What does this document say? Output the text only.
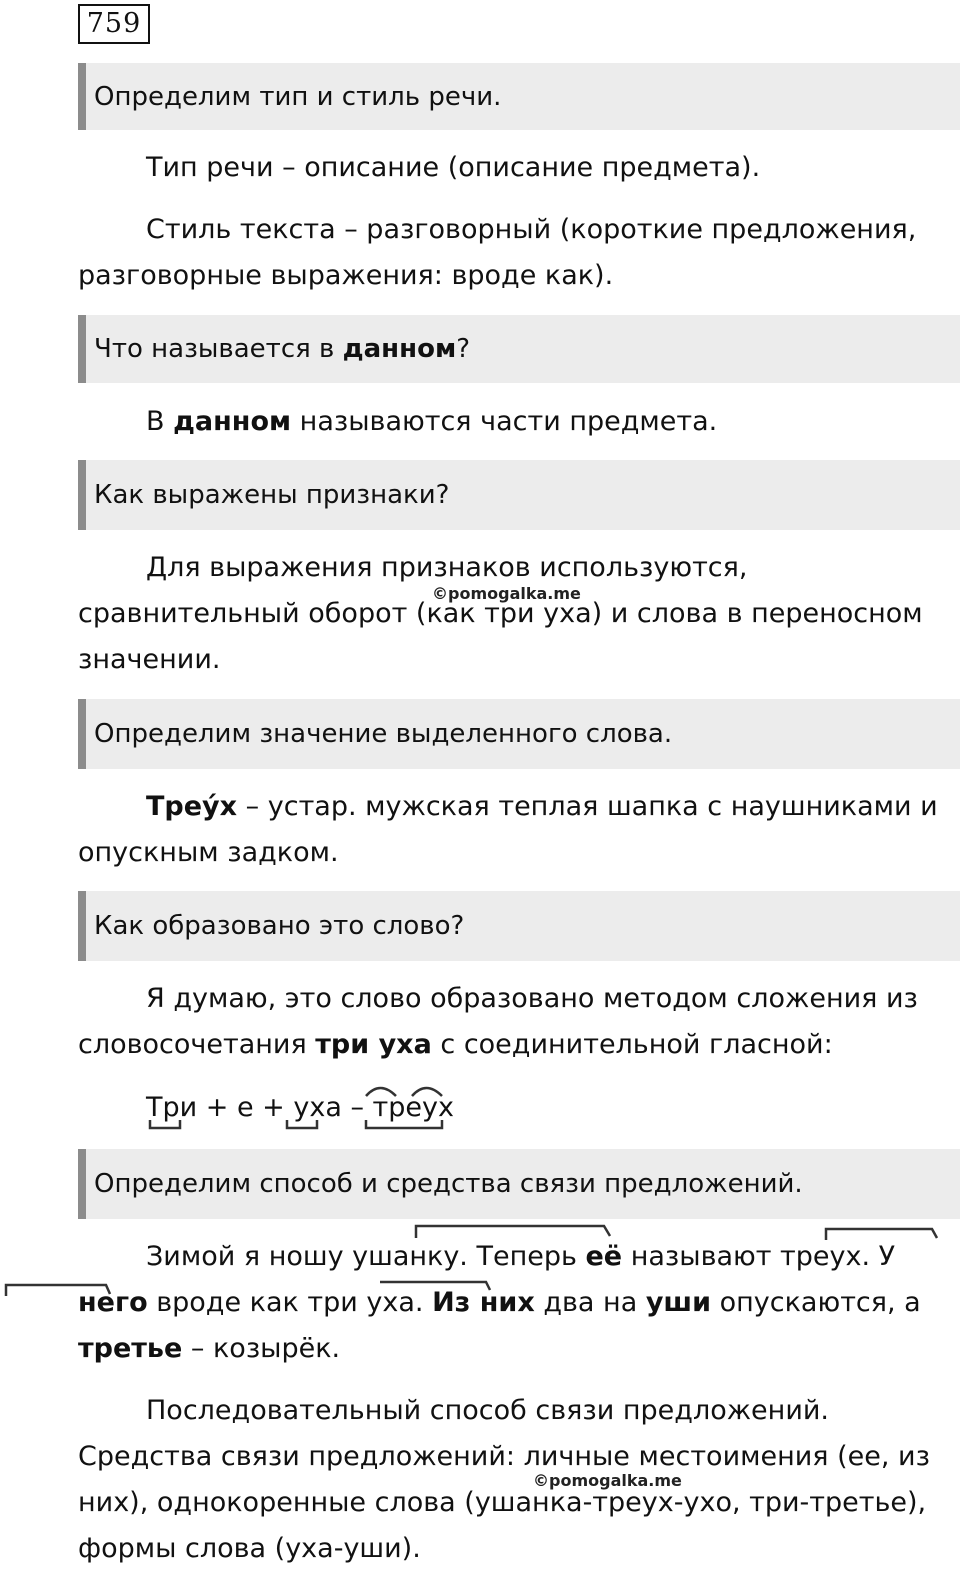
759
Определим тип и стиль речи.

Тип речи – описание (описание предмета).

Стиль текста – разговорный (короткие предложения, разговорные выражения: вроде как).

Что называется в данном?

В данном называются части предмета.

Как выражены признаки?

Для выражения признаков используются, сравнительный оборот (как три уха) и слова в переносном значении.

©pomogalka.me
Определим значение выделенного слова.

Треу́х – устар. мужская теплая шапка с наушниками и опускным задком.

Как образовано это слово?

Я думаю, это слово образовано методом сложения из словосочетания три уха с соединительной гласной:

Три + е + уха – треух
Определим способ и средства связи предложений.

Зимой я ношу ушанку. Теперь её называют треух. У него вроде как три уха. Из них два на уши опускаются, а третье – козырёк.

Последовательный способ связи предложений. Средства связи предложений: личные местоимения (ее, из них), однокоренные слова (ушанка-треух-ухо, три-третье), формы слова (уха-уши).

©pomogalka.me
